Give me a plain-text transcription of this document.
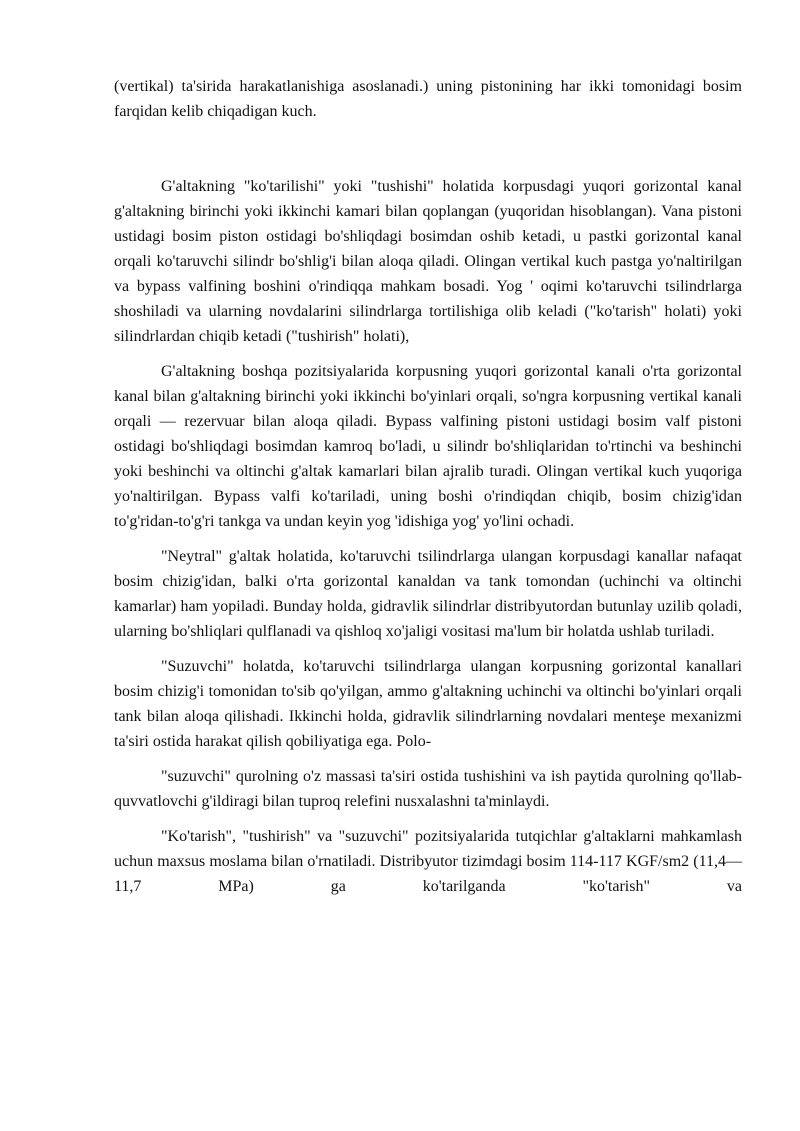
(vertikal) ta'sirida harakatlanishiga asoslanadi.) uning pistonining har ikki tomonidagi bosim farqidan kelib chiqadigan kuch.

G'altakning "ko'tarilishi" yoki "tushishi" holatida korpusdagi yuqori gorizontal kanal g'altakning birinchi yoki ikkinchi kamari bilan qoplangan (yuqoridan hisoblangan). Vana pistoni ustidagi bosim piston ostidagi bo'shliqdagi bosimdan oshib ketadi, u pastki gorizontal kanal orqali ko'taruvchi silindr bo'shlig'i bilan aloqa qiladi. Olingan vertikal kuch pastga yo'naltirilgan va bypass valfining boshini o'rindiqqa mahkam bosadi. Yog ' oqimi ko'taruvchi tsilindrlarga shoshiladi va ularning novdalarini silindrlarga tortilishiga olib keladi ("ko'tarish" holati) yoki silindrlardan chiqib ketadi ("tushirish" holati),

G'altakning boshqa pozitsiyalarida korpusning yuqori gorizontal kanali o'rta gorizontal kanal bilan g'altakning birinchi yoki ikkinchi bo'yinlari orqali, so'ngra korpusning vertikal kanali orqali — rezervuar bilan aloqa qiladi. Bypass valfining pistoni ustidagi bosim valf pistoni ostidagi bo'shliqdagi bosimdan kamroq bo'ladi, u silindr bo'shliqlaridan to'rtinchi va beshinchi yoki beshinchi va oltinchi g'altak kamarlari bilan ajralib turadi. Olingan vertikal kuch yuqoriga yo'naltirilgan. Bypass valfi ko'tariladi, uning boshi o'rindiqdan chiqib, bosim chizig'idan to'g'ridan-to'g'ri tankga va undan keyin yog 'idishiga yog' yo'lini ochadi.

"Neytral" g'altak holatida, ko'taruvchi tsilindrlarga ulangan korpusdagi kanallar nafaqat bosim chizig'idan, balki o'rta gorizontal kanaldan va tank tomondan (uchinchi va oltinchi kamarlar) ham yopiladi. Bunday holda, gidravlik silindrlar distribyutordan butunlay uzilib qoladi, ularning bo'shliqlari qulflanadi va qishloq xo'jaligi vositasi ma'lum bir holatda ushlab turiladi.

"Suzuvchi" holatda, ko'taruvchi tsilindrlarga ulangan korpusning gorizontal kanallari bosim chizig'i tomonidan to'sib qo'yilgan, ammo g'altakning uchinchi va oltinchi bo'yinlari orqali tank bilan aloqa qilishadi. Ikkinchi holda, gidravlik silindrlarning novdalari menteşe mexanizmi ta'siri ostida harakat qilish qobiliyatiga ega. Polo-

"suzuvchi" qurolning o'z massasi ta'siri ostida tushishini va ish paytida qurolning qo'llab-quvvatlovchi g'ildiragi bilan tuproq relefini nusxalashni ta'minlaydi.

"Ko'tarish", "tushirish" va "suzuvchi" pozitsiyalarida tutqichlar g'altaklarni mahkamlash uchun maxsus moslama bilan o'rnatiladi. Distribyutor tizimdagi bosim 114-117 KGF/sm2 (11,4—11,7 MPa) ga ko'tarilganda "ko'tarish" va
